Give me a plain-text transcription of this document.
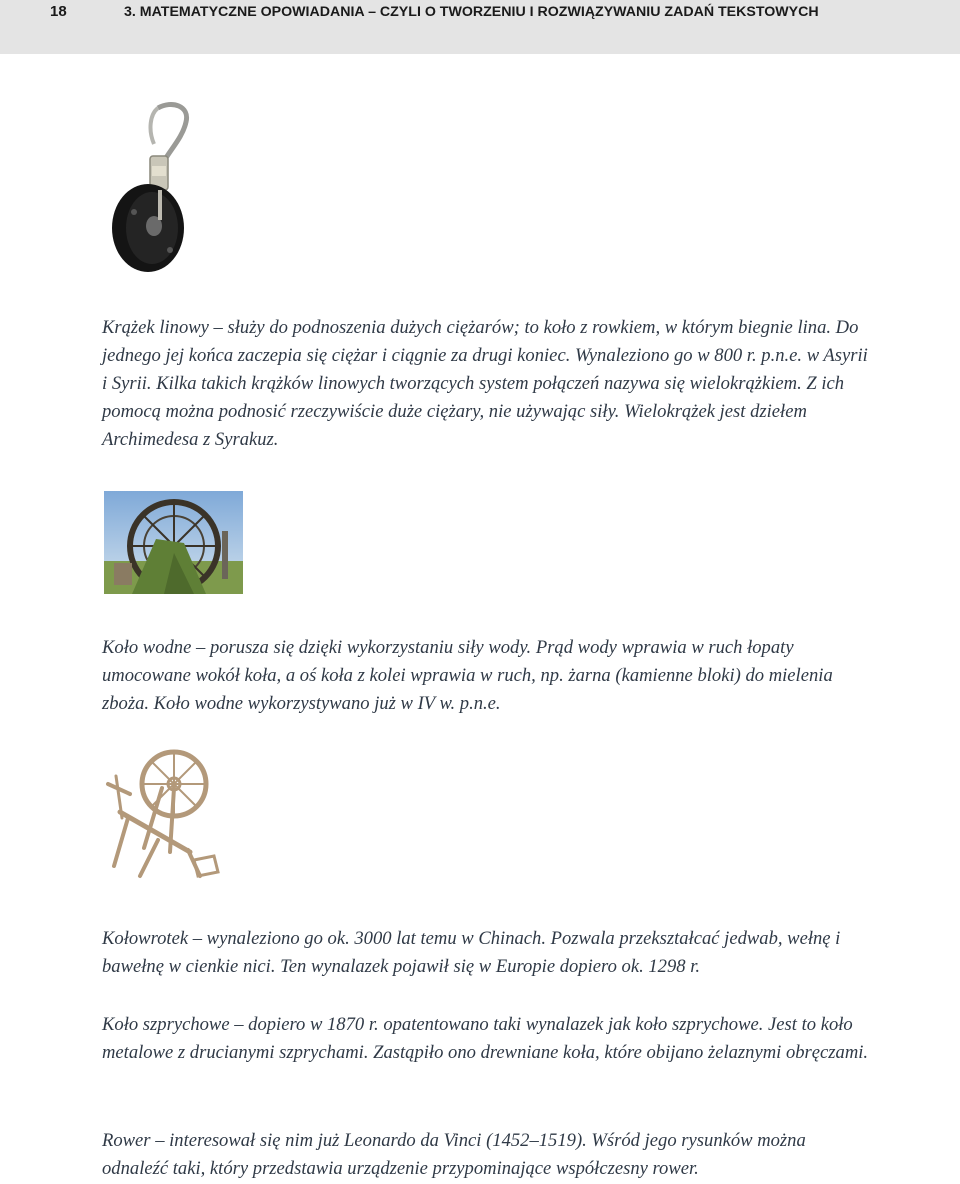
18	3. MATEMATYCZNE OPOWIADANIA – CZYLI O TWORZENIU I ROZWIĄZYWANIU ZADAŃ TEKSTOWYCH

Krążek linowy – służy do podnoszenia dużych ciężarów; to koło z rowkiem, w którym biegnie lina. Do jednego jej końca zaczepia się ciężar i ciągnie za drugi koniec. Wynaleziono go w 800 r. p.n.e. w Asyrii i Syrii. Kilka takich krążków linowych tworzących system połączeń nazywa się wielokrążkiem. Z ich pomocą można podnosić rzeczywiście duże ciężary, nie używając siły. Wielokrążek jest dziełem Archimedesa z Syrakuz.

Koło wodne – porusza się dzięki wykorzystaniu siły wody. Prąd wody wprawia w ruch łopaty umocowane wokół koła, a oś koła z kolei wprawia w ruch, np. żarna (kamienne bloki) do mielenia zboża. Koło wodne wykorzystywano już w IV w. p.n.e.

Kołowrotek – wynaleziono go ok. 3000 lat temu w Chinach. Pozwala przekształcać jedwab, wełnę i bawełnę w cienkie nici. Ten wynalazek pojawił się w Europie dopiero ok. 1298 r.

Koło szprychowe – dopiero w 1870 r. opatentowano taki wynalazek jak koło szprychowe. Jest to koło metalowe z drucianymi szprychami. Zastąpiło ono drewniane koła, które obijano żelaznymi obręczami.

Rower – interesował się nim już Leonardo da Vinci (1452–1519). Wśród jego rysunków można odnaleźć taki, który przedstawia urządzenie przypominające współczesny rower.
